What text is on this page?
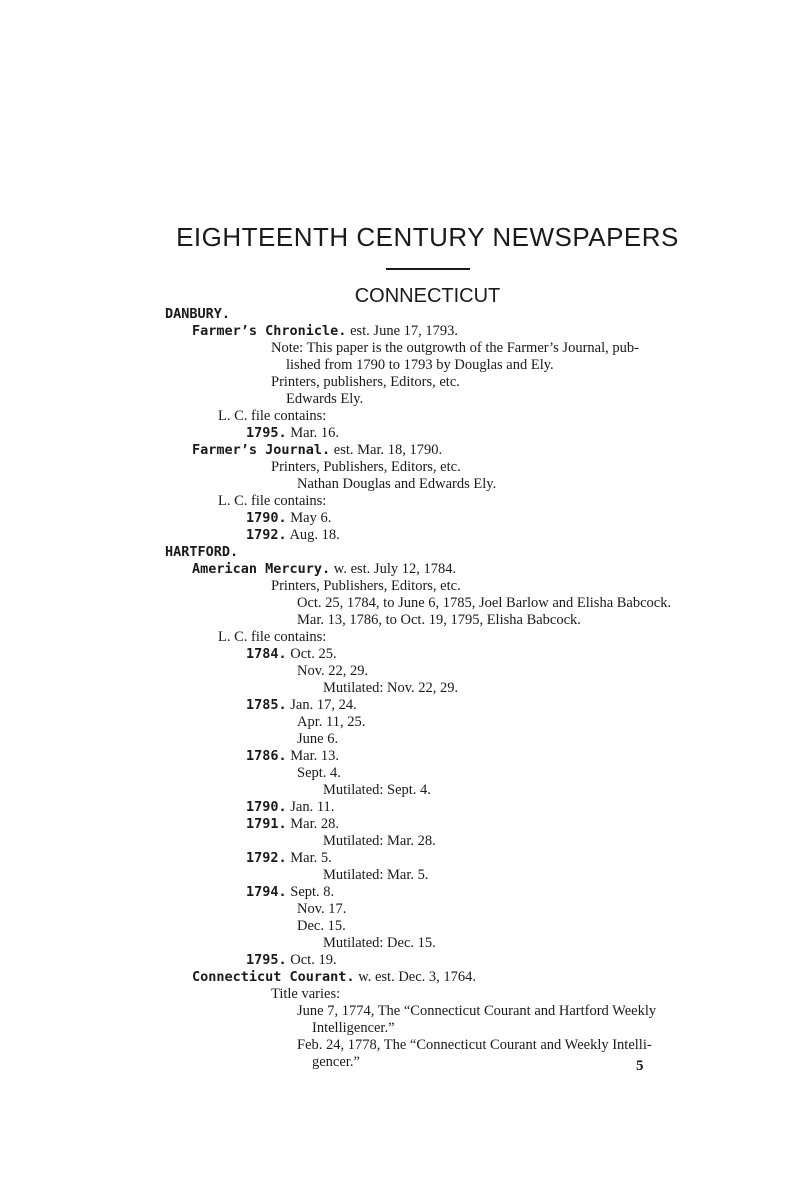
EIGHTEENTH CENTURY NEWSPAPERS
CONNECTICUT
DANBURY.
Farmer’s Chronicle. est. June 17, 1793.
Note: This paper is the outgrowth of the Farmer’s Journal, pub-
lished from 1790 to 1793 by Douglas and Ely.
Printers, publishers, Editors, etc.
Edwards Ely.
L. C. file contains:
1795. Mar. 16.
Farmer’s Journal. est. Mar. 18, 1790.
Printers, Publishers, Editors, etc.
Nathan Douglas and Edwards Ely.
L. C. file contains:
1790. May 6.
1792. Aug. 18.
HARTFORD.
American Mercury. w. est. July 12, 1784.
Printers, Publishers, Editors, etc.
Oct. 25, 1784, to June 6, 1785, Joel Barlow and Elisha Babcock.
Mar. 13, 1786, to Oct. 19, 1795, Elisha Babcock.
L. C. file contains:
1784. Oct. 25.
Nov. 22, 29.
Mutilated: Nov. 22, 29.
1785. Jan. 17, 24.
Apr. 11, 25.
June 6.
1786. Mar. 13.
Sept. 4.
Mutilated: Sept. 4.
1790. Jan. 11.
1791. Mar. 28.
Mutilated: Mar. 28.
1792. Mar. 5.
Mutilated: Mar. 5.
1794. Sept. 8.
Nov. 17.
Dec. 15.
Mutilated: Dec. 15.
1795. Oct. 19.
Connecticut Courant. w. est. Dec. 3, 1764.
Title varies:
June 7, 1774, The “Connecticut Courant and Hartford Weekly
Intelligencer.”
Feb. 24, 1778, The “Connecticut Courant and Weekly Intelli-
gencer.”	5
